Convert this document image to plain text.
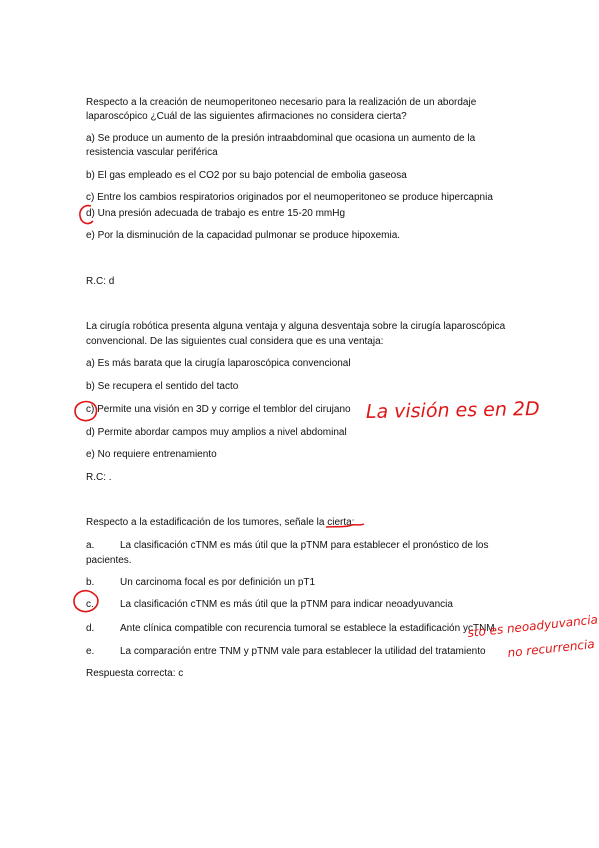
Respecto a la creación de neumoperitoneo necesario para la realización de un abordaje
laparoscópico ¿Cuál de las siguientes afirmaciones no considera cierta?
a) Se produce un aumento de la presión intraabdominal que ocasiona un aumento de la
resistencia vascular periférica
b) El gas empleado es el CO2 por su bajo potencial de embolia gaseosa
c) Entre los cambios respiratorios originados por el neumoperitoneo se produce hipercapnia
d) Una presión adecuada de trabajo es entre 15-20 mmHg
e) Por la disminución de la capacidad pulmonar se produce hipoxemia.
R.C: d
La cirugía robótica presenta alguna ventaja y alguna desventaja sobre la cirugía laparoscópica
convencional. De las siguientes cual considera que es una ventaja:
a) Es más barata que la cirugía laparoscópica convencional
b) Se recupera el sentido del tacto
c) Permite una visión en 3D y corrige el temblor del cirujano
d) Permite abordar campos muy amplios a nivel abdominal
e) No requiere entrenamiento
R.C: .
Respecto a la estadificación de los tumores, señale la cierta:
a.	La clasificación cTNM es más útil que la pTNM para establecer el pronóstico de los
pacientes.
b.	Un carcinoma focal es por definición un pT1
c.	La clasificación cTNM es más útil que la pTNM para indicar neoadyuvancia
d.	Ante clínica compatible con recurencia tumoral se establece la estadificación ycTNM
e.	La comparación entre TNM y pTNM vale para establecer la utilidad del tratamiento
Respuesta correcta: c
La visión es en 2D
sto es neoadyuvancia
no recurrencia
